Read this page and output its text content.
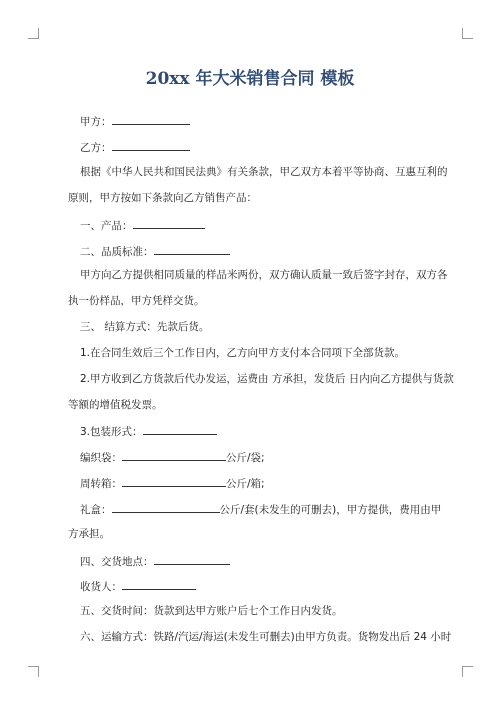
20xx 年大米销售合同 模板
甲方：
乙方：
根据《中华人民共和国民法典》有关条款，甲乙双方本着平等协商、互惠互利的
原则，甲方按如下条款向乙方销售产品：
一、产品：
二、品质标准：
甲方向乙方提供相同质量的样品米两份，双方确认质量一致后签字封存，双方各
执一份样品，甲方凭样交货。
三、 结算方式：先款后货。
1.在合同生效后三个工作日内，乙方向甲方支付本合同项下全部货款。
2.甲方收到乙方货款后代办发运，运费由 方承担，发货后 日内向乙方提供与货款
等额的增值税发票。
3.包装形式：
编织袋：	公斤/袋;
周转箱：	公斤/箱;
礼盒：	公斤/套(未发生的可删去)，甲方提供，费用由甲
方承担。
四、交货地点：
收货人：
五、交货时间：货款到达甲方账户后七个工作日内发货。
六、运输方式：铁路/汽运/海运(未发生可删去)由甲方负责。货物发出后 24 小时
